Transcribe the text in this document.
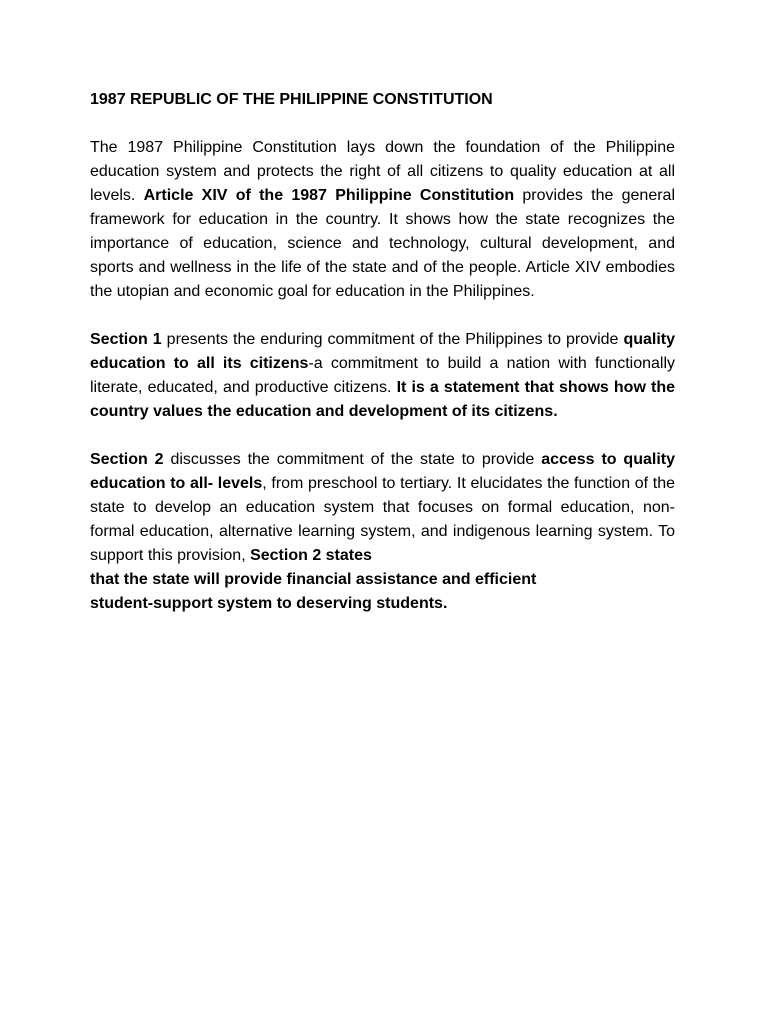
1987 REPUBLIC OF THE PHILIPPINE CONSTITUTION

The 1987 Philippine Constitution lays down the foundation of the Philippine education system and protects the right of all citizens to quality education at all levels. Article XIV of the 1987 Philippine Constitution provides the general framework for education in the country. It shows how the state recognizes the importance of education, science and technology, cultural development, and sports and wellness in the life of the state and of the people. Article XIV embodies the utopian and economic goal for education in the Philippines.

Section 1 presents the enduring commitment of the Philippines to provide quality education to all its citizens-a commitment to build a nation with functionally literate, educated, and productive citizens. It is a statement that shows how the country values the education and development of its citizens.

Section 2 discusses the commitment of the state to provide access to quality education to all- levels, from preschool to tertiary. It elucidates the function of the state to develop an education system that focuses on formal education, non-formal education, alternative learning system, and indigenous learning system. To support this provision, Section 2 states
that the state will provide financial assistance and efficient
student-support system to deserving students.
